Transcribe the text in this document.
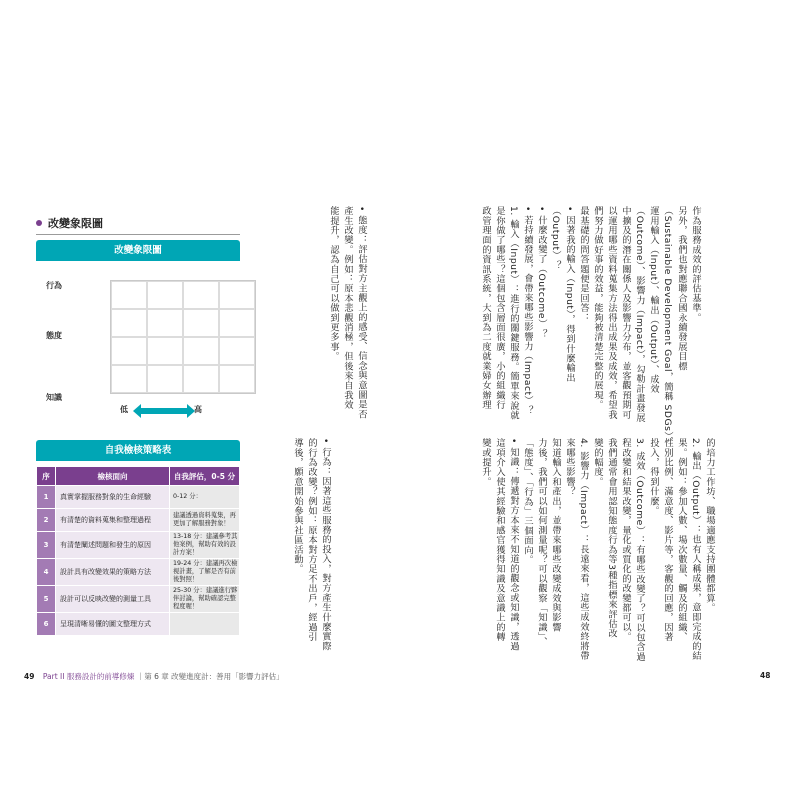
改變象限圖
改變象限圖
行為
態度
知識
低	高
自我檢核策略表
序	檢核面向	自我評估，0-5 分
1	真實掌握服務對象的生命經驗	0-12 分：
2	有清楚的資料蒐集和整理過程	建議透過資料蒐集，再更加了解服務對象！
3	有清楚闡述問題和發生的原因	13-18 分：建議參考其他案例，幫助有效的設計方案！
4	設計具有改變效果的策略方法	19-24 分：建議再次檢視計畫，了解是否有前後對照！
5	設計可以反映改變的測量工具	25-30 分：建議進行夥伴討論，幫助確認完整程度喔！
6	呈現清晰易懂的圖文整理方式	

• 態度：評估對方主觀上的感受、信念與意圖是否

產生改變。例如：原本悲觀消極，但後來自我效

能提升，認為自己可以做到更多事。

• 行為：因著這些服務的投入，對方產生什麼實際

的行為改變？例如：原本對方足不出戶，經過引

導後，願意開始參與社區活動。

49 Part II 服務設計的前導修煉 ｜第 6 章 改變進度計：善用「影響力評估」

作為服務成效的評估基準。

另外，我們也對應聯合國永續發展目標

（Sustainable Development Goal，簡稱 SDGs），

運用輸入（Input）、輸出（Output）、成效

（Outcome）、影響力（Impact），勾勒計畫發展

中擴及的潛在關係人及影響力分布，並客觀預期可

以運用哪些資料蒐集方法得出成果及成效，希望我

們努力做好事的效益，能夠被清楚完整的展現。

最基礎的問答題便是回答：

• 因著我的輸入（Input），得到什麼輸出

（Output）？

• 什麼改變了（Outcome）？

• 若持續發展，會帶來哪些影響力（Impact）？

1. 輸入（Input）：進行的關鍵服務。簡單來說就

是你做了哪些？這個包含層面很廣，小的組織行

政管理面的資訊系統，大到為二度就業婦女辦理

的培力工作坊、職場適應支持團體都算。

2. 輸出（Output）：也有人稱成果，意即完成的結

果。例如：參加人數、場次數量、觸及的組織、

性別比例、滿意度、影片等，客觀的回應，因著

投入，得到什麼。

3. 成效（Outcome）：有哪些改變了？可以包含過

程改變和結果改變，量化或質化的改變都可以。

我們通常會用認知態度行為等3種指標來評估改

變的幅度。

4. 影響力（Impact）：長遠來看，這些成效終將帶

來哪些影響？

知道輸入和產出，並帶來哪些改變成效與影響

力後，我們可以如何測量呢？可以觀察「知識」、

「態度」、「行為」三個面向。

• 知識：傳遞對方本來不知道的觀念或知識，透過

這項介入使其經驗和感官獲得知識及意識上的轉

變或提升。

48
